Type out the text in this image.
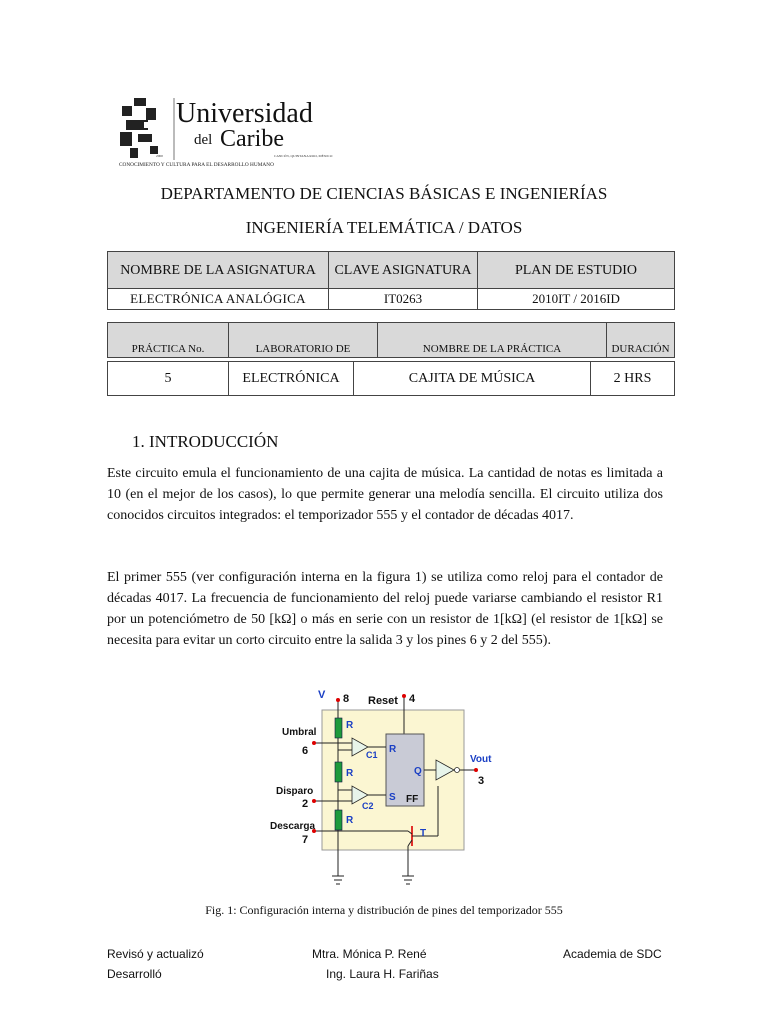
Universidad
del Caribe
CANCÚN, QUINTANA ROO, MÉXICO
2000
CONOCIMIENTO Y CULTURA PARA EL DESARROLLO HUMANO
DEPARTAMENTO DE CIENCIAS BÁSICAS E INGENIERÍAS
INGENIERÍA TELEMÁTICA / DATOS
NOMBRE DE LA ASIGNATURA	CLAVE ASIGNATURA	PLAN DE ESTUDIO
ELECTRÓNICA ANALÓGICA	IT0263	2010IT / 2016ID
PRÁCTICA No.	LABORATORIO DE	NOMBRE DE LA PRÁCTICA	DURACIÓN
5	ELECTRÓNICA	CAJITA DE MÚSICA	2 HRS
1. INTRODUCCIÓN
Este circuito emula el funcionamiento de una cajita de música. La cantidad de notas es limitada a 10 (en el mejor de los casos), lo que permite generar una melodía sencilla. El circuito utiliza dos conocidos circuitos integrados: el temporizador 555 y el contador de décadas 4017.
El primer 555 (ver configuración interna en la figura 1) se utiliza como reloj para el contador de décadas 4017. La frecuencia de funcionamiento del reloj puede variarse cambiando el resistor R1 por un potenciómetro de 50 [kΩ] o más en serie con un resistor de 1[kΩ] (el resistor de 1[kΩ] se necesita para evitar un corto circuito entre la salida 3 y los pines 6 y 2 del 555).
V 8
R
R
R
Reset 4
R
S
Q
FF
C1
C2
Umbral
6
Disparo
2
Descarga
7
T
Vout
3
Fig. 1: Configuración interna y distribución de pines del temporizador 555
Revisó y actualizó
Desarrolló
Mtra. Mónica P. René
Ing. Laura H. Fariñas
Academia de SDC
